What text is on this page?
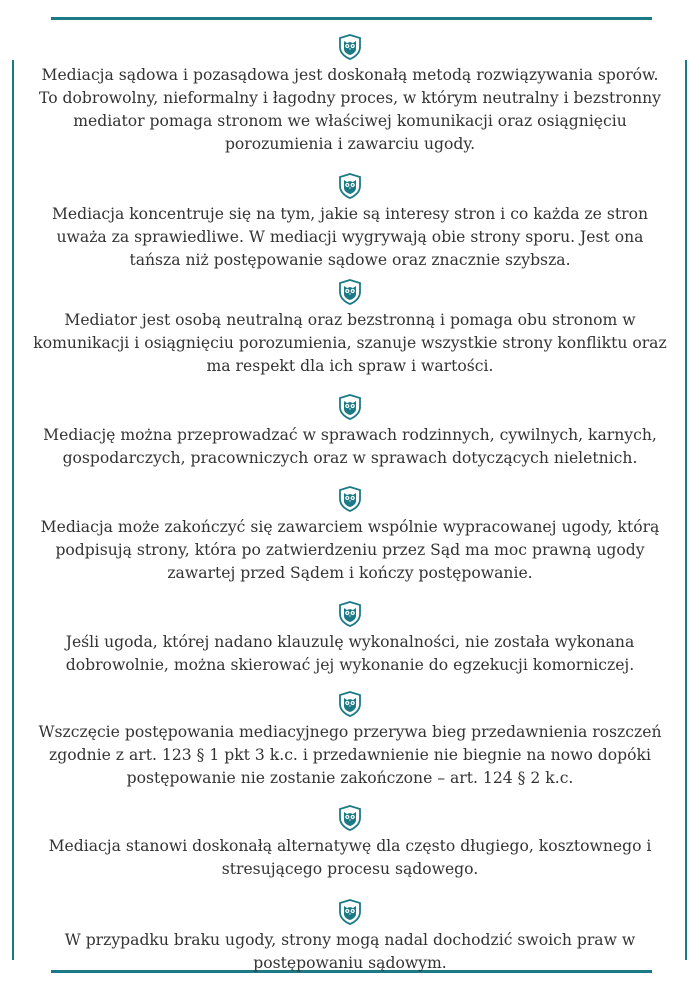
Mediacja sądowa i pozasądowa jest doskonałą metodą rozwiązywania sporów. To dobrowolny, nieformalny i łagodny proces, w którym neutralny i bezstronny mediator pomaga stronom we właściwej komunikacji oraz osiągnięciu porozumienia i zawarciu ugody.

Mediacja koncentruje się na tym, jakie są interesy stron i co każda ze stron uważa za sprawiedliwe. W mediacji wygrywają obie strony sporu. Jest ona tańsza niż postępowanie sądowe oraz znacznie szybsza.

Mediator jest osobą neutralną oraz bezstronną i pomaga obu stronom w komunikacji i osiągnięciu porozumienia, szanuje wszystkie strony konfliktu oraz ma respekt dla ich spraw i wartości.

Mediację można przeprowadzać w sprawach rodzinnych, cywilnych, karnych, gospodarczych, pracowniczych oraz w sprawach dotyczących nieletnich.

Mediacja może zakończyć się zawarciem wspólnie wypracowanej ugody, którą podpisują strony, która po zatwierdzeniu przez Sąd ma moc prawną ugody zawartej przed Sądem i kończy postępowanie.

Jeśli ugoda, której nadano klauzulę wykonalności, nie została wykonana dobrowolnie, można skierować jej wykonanie do egzekucji komorniczej.

Wszczęcie postępowania mediacyjnego przerywa bieg przedawnienia roszczeń zgodnie z art. 123 § 1 pkt 3 k.c. i przedawnienie nie biegnie na nowo dopóki postępowanie nie zostanie zakończone – art. 124 § 2 k.c.

Mediacja stanowi doskonałą alternatywę dla często długiego, kosztownego i stresującego procesu sądowego.

W przypadku braku ugody, strony mogą nadal dochodzić swoich praw w postępowaniu sądowym.
